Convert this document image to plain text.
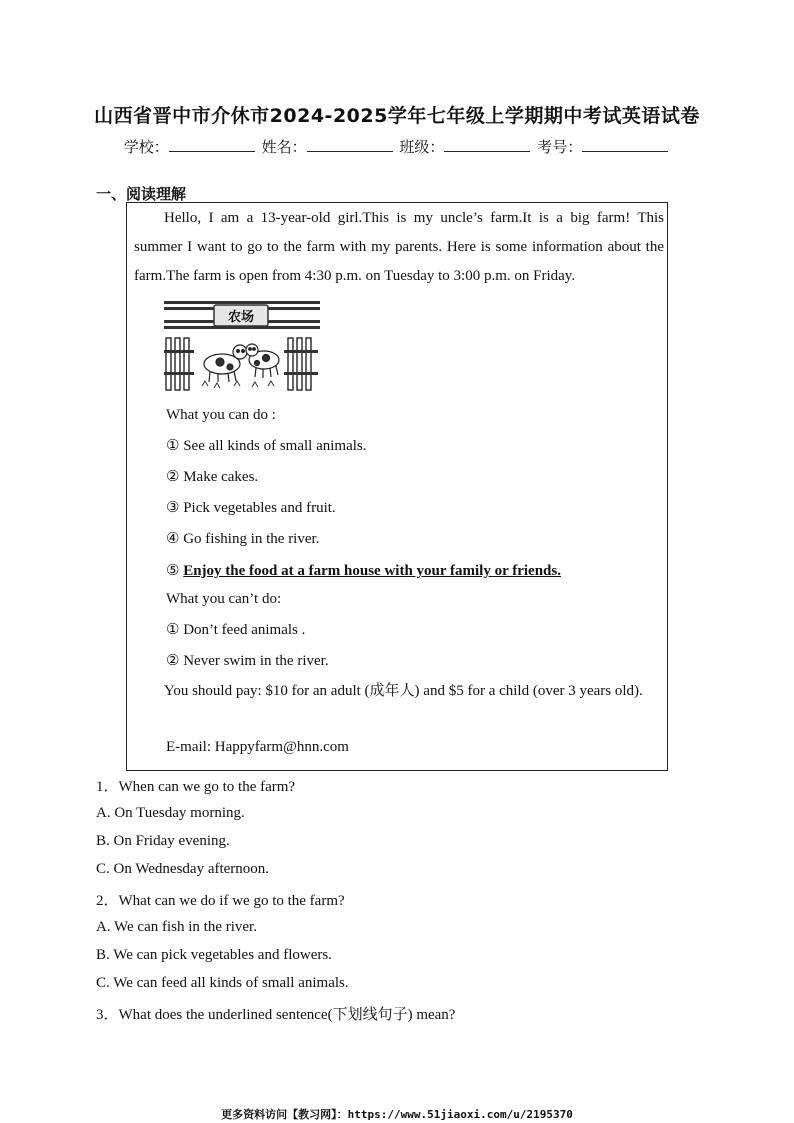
山西省晋中市介休市2024-2025学年七年级上学期期中考试英语试卷
学校：	姓名：	班级：	考号：
一、阅读理解
Hello, I am a 13-year-old girl.This is my uncle’s farm.It is a big farm! This summer I want to go to the farm with my parents. Here is some information about the farm.The farm is open from 4:30 p.m. on Tuesday to 3:00 p.m. on Friday.
农场
What you can do :
① See all kinds of small animals.
② Make cakes.
③ Pick vegetables and fruit.
④ Go fishing in the river.
⑤ Enjoy the food at a farm house with your family or friends.
What you can’t do:
① Don’t feed animals .
② Never swim in the river.
You should pay: $10 for an adult (成年人) and $5 for a child (over 3 years old).
E-mail: Happyfarm@hnn.com
1．When can we go to the farm?
A. On Tuesday morning.
B. On Friday evening.
C. On Wednesday afternoon.
2．What can we do if we go to the farm?
A. We can fish in the river.
B. We can pick vegetables and flowers.
C. We can feed all kinds of small animals.
3．What does the underlined sentence(下划线句子) mean?
更多资料访问【教习网】：https://www.51jiaoxi.com/u/2195370
